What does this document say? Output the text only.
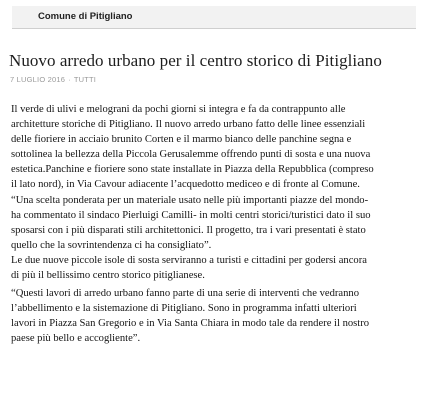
Comune di Pitigliano
Nuovo arredo urbano per il centro storico di Pitigliano
7 LUGLIO 2016 · TUTTI
Il verde di ulivi e melograni da pochi giorni si integra e fa da contrappunto alle
architetture storiche di Pitigliano. Il nuovo arredo urbano fatto delle linee essenziali
delle fioriere in acciaio brunito Corten e il marmo bianco delle panchine segna e
sottolinea la bellezza della Piccola Gerusalemme offrendo punti di sosta e una nuova
estetica.Panchine e fioriere sono state installate in Piazza della Repubblica (compreso
il lato nord), in Via Cavour adiacente l’acquedotto mediceo e di fronte al Comune.
“Una scelta ponderata per un materiale usato nelle più importanti piazze del mondo-
ha commentato il sindaco Pierluigi Camilli- in molti centri storici/turistici dato il suo
sposarsi con i più disparati stili architettonici. Il progetto, tra i vari presentati è stato
quello che la sovrintendenza ci ha consigliato”.
Le due nuove piccole isole di sosta serviranno a turisti e cittadini per godersi ancora
di più il bellissimo centro storico pitiglianese.
“Questi lavori di arredo urbano fanno parte di una serie di interventi che vedranno
l’abbellimento e la sistemazione di Pitigliano. Sono in programma infatti ulteriori
lavori in Piazza San Gregorio e in Via Santa Chiara in modo tale da rendere il nostro
paese più bello e accogliente”.
